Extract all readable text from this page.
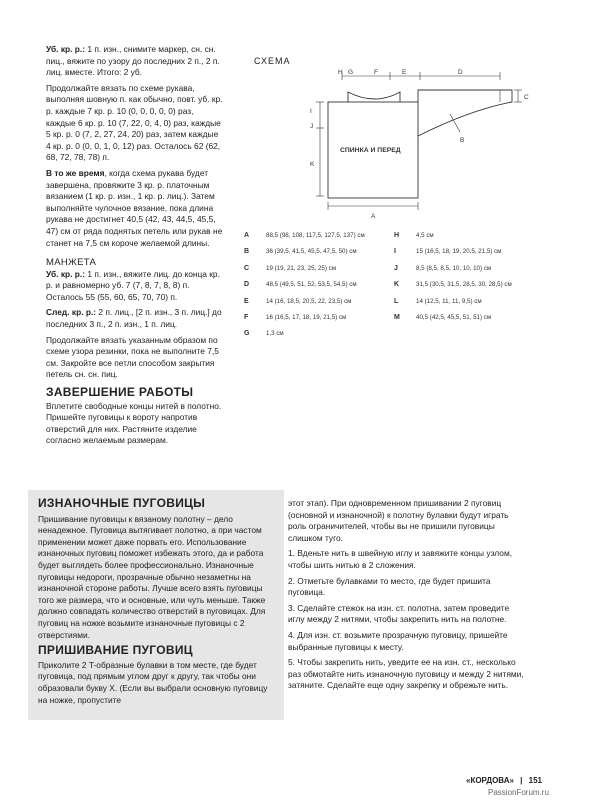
Уб. кр. р.: 1 п. изн., снимите маркер, сн. сн. пиц., вяжите по узору до последних 2 п., 2 п. лиц. вместе. Итого: 2 уб.

Продолжайте вязать по схеме рукава, выполняя шовную п. как обычно, повт. уб. кр. р. каждые 7 кр. р. 10 (0, 0, 0, 0, 0) раз, каждые 6 кр. р. 10 (7, 22, 0, 4, 0) раз, каждые 5 кр. р. 0 (7, 2, 27, 24, 20) раз, затем каждые 4 кр. р. 0 (0, 0, 1, 0, 12) раз. Осталось 62 (62, 68, 72, 78, 78) п.

В то же время, когда схема рукава будет завершена, провяжите 3 кр. р. платочным вязанием (1 кр. р. изн., 1 кр. р. лиц.). Затем выполняйте чулочное вязание, пока длина рукава не достигнет 40,5 (42, 43, 44,5, 45,5, 47) см от ряда поднятых петель или рукав не станет на 7,5 см короче желаемой длины.

МАНЖЕТА

Уб. кр. р.: 1 п. изн., вяжите лиц. до конца кр. р. и равномерно уб. 7 (7, 8, 7, 8, 8) п. Осталось 55 (55, 60, 65, 70, 70) п.

След. кр. р.: 2 п. лиц., [2 п. изн., 3 п. лиц.] до последних 3 п., 2 п. изн., 1 п. лиц.

Продолжайте вязать указанным образом по схеме узора резинки, пока не выполните 7,5 см. Закройте все петли способом закрытия петель сн. сн. пиц.

ЗАВЕРШЕНИЕ РАБОТЫ

Вплетите свободные концы нитей в полотно. Пришейте пуговицы к вороту напротив отверстий для них. Растяните изделие согласно желаемым размерам.

СХЕМА
H G	F	E	D
C
I
J
B
K
A
СПИНКА И ПЕРЕД
A	88,5 (98, 108, 117,5, 127,5, 137) см
B	36 (39,5, 41,5, 45,5, 47,5, 50) см
C	19 (19, 21, 23, 25, 25) см
D	48,5 (49,5, 51, 52, 53,5, 54,5) см
E	14 (16, 18,5, 20,5, 22, 23,5) см
F	16 (16,5, 17, 18, 19, 21,5) см
G	1,3 см
H	4,5 см
I	15 (16,5, 18, 19, 20,5, 21,5) см
J	8,5 (8,5, 8,5, 10, 10, 10) см
K	31,5 (30,5, 31,5, 28,5, 30, 28,5) см
L	14 (12,5, 11, 11, 9,5) см
M	40,5 (42,5, 45,5, 51, 51) см
ИЗНАНОЧНЫЕ ПУГОВИЦЫ

Пришивание пуговицы к вязаному полотну – дело ненадежное. Пуговица вытягивает полотно, а при частом применении может даже порвать его. Использование изнаночных пуговиц поможет избежать этого, да и работа будет выглядеть более профессионально. Изнаночные пуговицы недороги, прозрачные обычно незаметны на изнаночной стороне работы. Лучше всего взять пуговицы того же размера, что и основные, или чуть меньше. Также должно совпадать количество отверстий в пуговицах. Для пуговиц на ножке возьмите изнаночные пуговицы с 2 отверстиями.

ПРИШИВАНИЕ ПУГОВИЦ

Приколите 2 T-образные булавки в том месте, где будет пуговица, под прямым углом друг к другу, так чтобы они образовали букву X. (Если вы выбрали основную пуговицу на ножке, пропустите

этот этап). При одновременном пришивании 2 пуговиц (основной и изнаночной) к полотну булавки будут играть роль ограничителей, чтобы вы не пришили пуговицы слишком туго.

1. Вденьте нить в швейную иглу и завяжите концы узлом, чтобы шить нитью в 2 сложения.

2. Отметьте булавками то место, где будет пришита пуговица.

3. Сделайте стежок на изн. ст. полотна, затем проведите иглу между 2 нитями, чтобы закрепить нить на полотне.

4. Для изн. ст. возьмите прозрачную пуговицу, пришейте выбранные пуговицы к месту.

5. Чтобы закрепить нить, уведите ее на изн. ст., несколько раз обмотайте нить изнаночную пуговицу и между 2 нитями, затяните. Сделайте еще одну закрепку и обрежьте нить.

«КОРДОВА» | 151
PassionForum.ru
